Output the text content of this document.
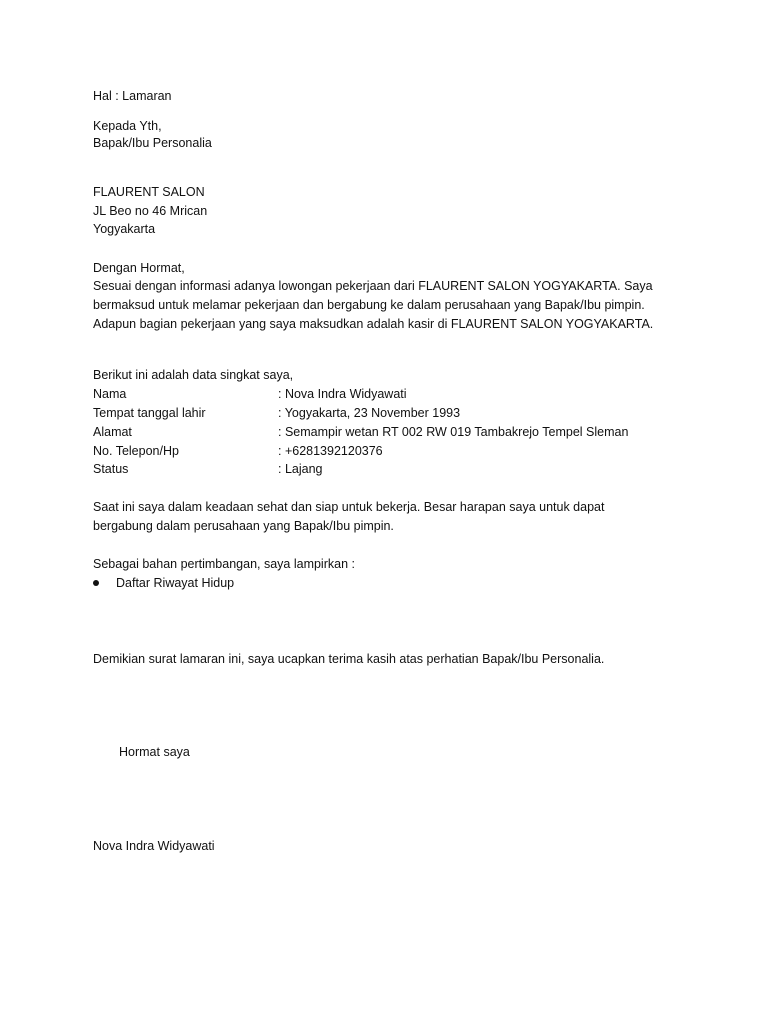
Hal : Lamaran
Kepada Yth,
Bapak/Ibu Personalia
FLAURENT SALON
JL Beo no 46 Mrican
Yogyakarta
Dengan Hormat,
Sesuai dengan informasi adanya lowongan pekerjaan dari FLAURENT SALON YOGYAKARTA. Saya
bermaksud untuk melamar pekerjaan dan bergabung ke dalam perusahaan yang Bapak/Ibu pimpin.
Adapun bagian pekerjaan yang saya maksudkan adalah kasir di FLAURENT SALON YOGYAKARTA.
Berikut ini adalah data singkat saya,
Nama	: Nova Indra Widyawati
Tempat tanggal lahir	: Yogyakarta, 23 November 1993
Alamat	: Semampir wetan RT 002 RW 019 Tambakrejo Tempel Sleman
No. Telepon/Hp	: +6281392120376
Status	: Lajang
Saat ini saya dalam keadaan sehat dan siap untuk bekerja. Besar harapan saya untuk dapat
bergabung dalam perusahaan yang Bapak/Ibu pimpin.
Sebagai bahan pertimbangan, saya lampirkan :
Daftar Riwayat Hidup
Demikian surat lamaran ini, saya ucapkan terima kasih atas perhatian Bapak/Ibu Personalia.
Hormat saya
Nova Indra Widyawati
